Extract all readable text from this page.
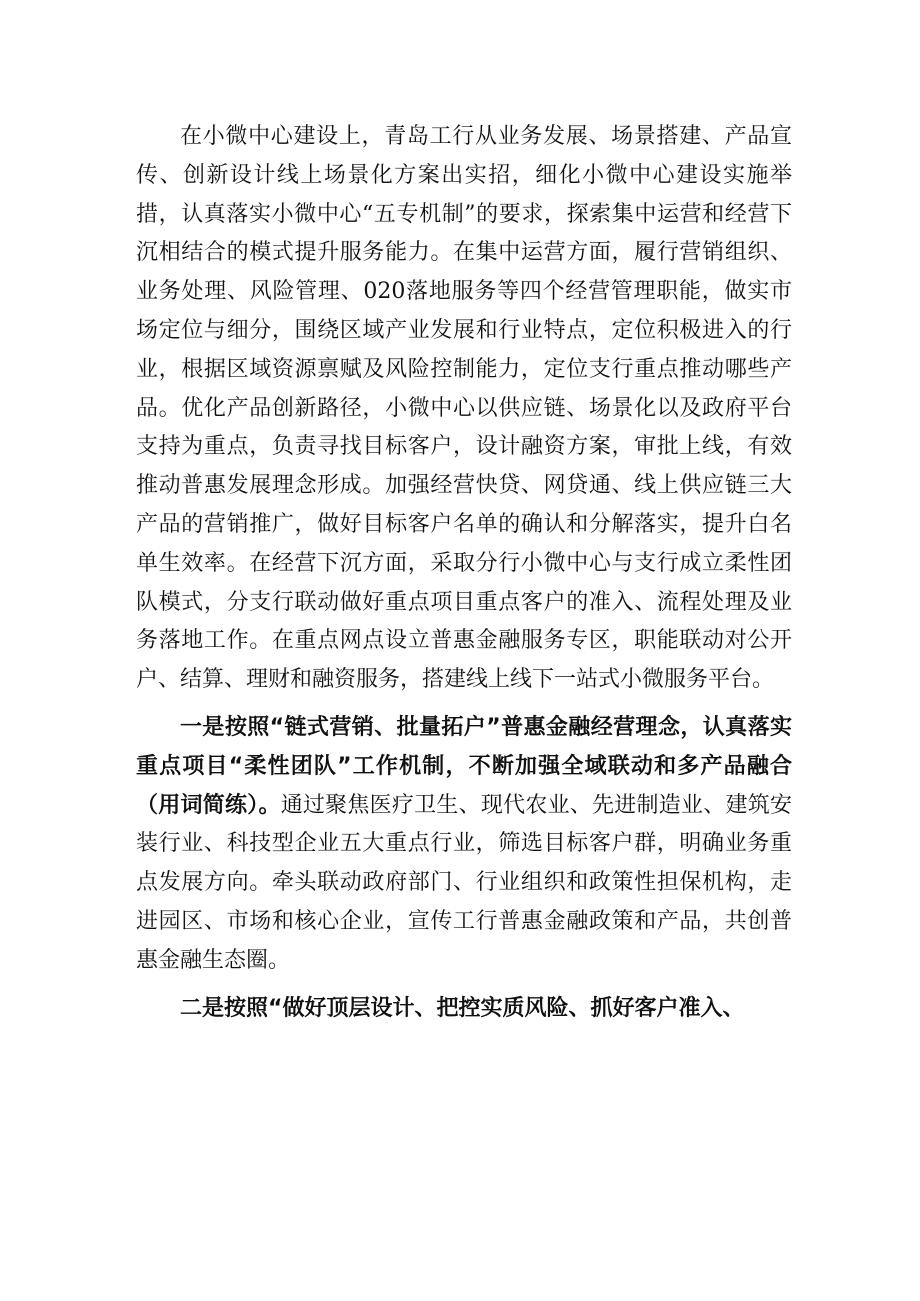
在小微中心建设上，青岛工行从业务发展、场景搭建、产品宣传、创新设计线上场景化方案出实招，细化小微中心建设实施举措，认真落实小微中心“五专机制”的要求，探索集中运营和经营下沉相结合的模式提升服务能力。在集中运营方面，履行营销组织、业务处理、风险管理、020落地服务等四个经营管理职能，做实市场定位与细分，围绕区域产业发展和行业特点，定位积极进入的行业，根据区域资源禀赋及风险控制能力，定位支行重点推动哪些产品。优化产品创新路径，小微中心以供应链、场景化以及政府平台支持为重点，负责寻找目标客户，设计融资方案，审批上线，有效推动普惠发展理念形成。加强经营快贷、网贷通、线上供应链三大产品的营销推广，做好目标客户名单的确认和分解落实，提升白名单生效率。在经营下沉方面，采取分行小微中心与支行成立柔性团队模式，分支行联动做好重点项目重点客户的准入、流程处理及业务落地工作。在重点网点设立普惠金融服务专区，职能联动对公开户、结算、理财和融资服务，搭建线上线下一站式小微服务平台。

一是按照“链式营销、批量拓户”普惠金融经营理念，认真落实重点项目“柔性团队”工作机制，不断加强全域联动和多产品融合（用词简练）。通过聚焦医疗卫生、现代农业、先进制造业、建筑安装行业、科技型企业五大重点行业，筛选目标客户群，明确业务重点发展方向。牵头联动政府部门、行业组织和政策性担保机构，走进园区、市场和核心企业，宣传工行普惠金融政策和产品，共创普惠金融生态圈。

二是按照“做好顶层设计、把控实质风险、抓好客户准入、
